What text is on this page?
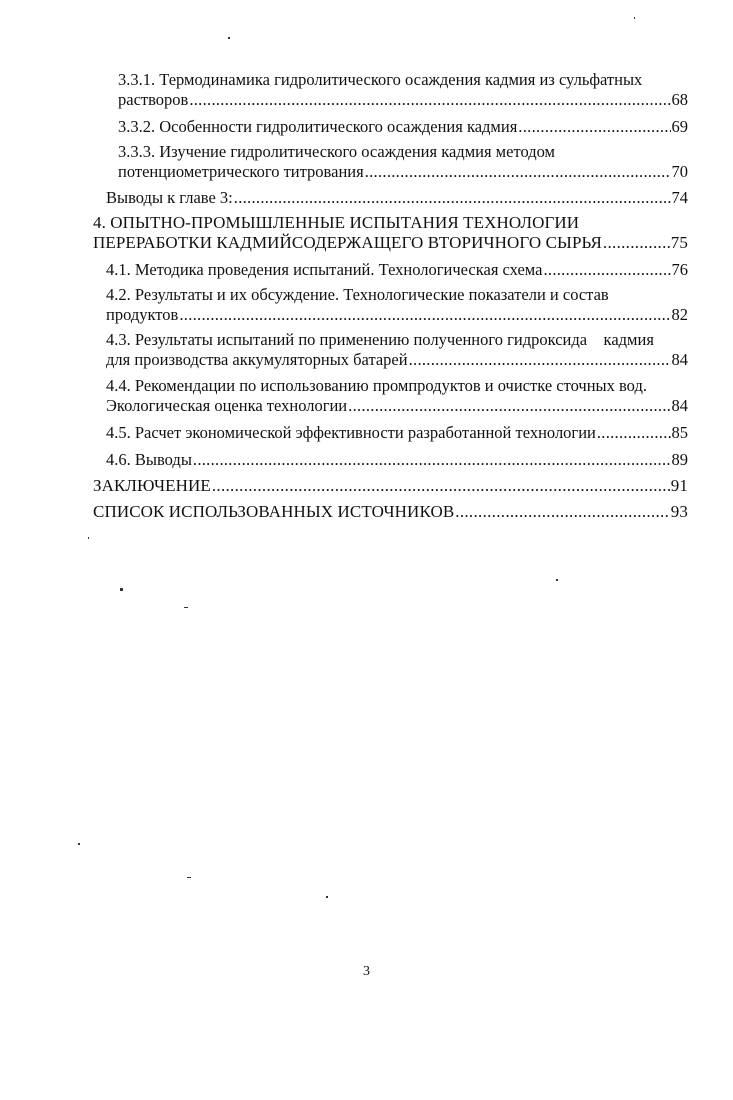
3.3.1. Термодинамика гидролитического осаждения кадмия из сульфатных
растворов .....	68
3.3.2. Особенности гидролитического осаждения кадмия .....	69
3.3.3. Изучение гидролитического осаждения кадмия методом
потенциометрического титрования .....	70
Выводы к главе 3: .....	74
4. ОПЫТНО-ПРОМЫШЛЕННЫЕ ИСПЫТАНИЯ ТЕХНОЛОГИИ
ПЕРЕРАБОТКИ КАДМИЙСОДЕРЖАЩЕГО ВТОРИЧНОГО СЫРЬЯ .....	75
4.1. Методика проведения испытаний. Технологическая схема .....	76
4.2. Результаты и их обсуждение. Технологические показатели и состав
продуктов .....	82
4.3. Результаты испытаний по применению полученного гидроксида    кадмия
для производства аккумуляторных батарей .....	84
4.4. Рекомендации по использованию промпродуктов и очистке сточных вод.
Экологическая оценка технологии .....	84
4.5. Расчет экономической эффективности разработанной технологии .....	85
4.6. Выводы .....	89
ЗАКЛЮЧЕНИЕ .....	91
СПИСОК ИСПОЛЬЗОВАННЫХ ИСТОЧНИКОВ .....	93
3
